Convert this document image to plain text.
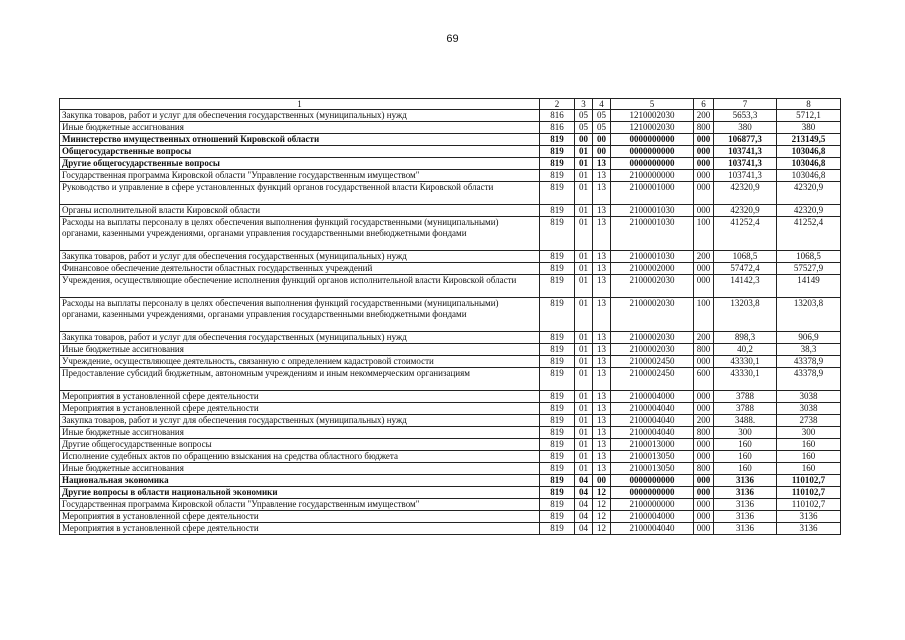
69
1	2	3	4	5	6	7	8
Закупка товаров, работ и услуг для обеспечения государственных (муниципальных) нужд	816	05	05	1210002030	200	5653,3	5712,1
Иные бюджетные ассигнования	816	05	05	1210002030	800	380	380
Министерство имущественных отношений Кировской области	819	00	00	0000000000	000	106877,3	213149,5
Общегосударственные вопросы	819	01	00	0000000000	000	103741,3	103046,8
Другие общегосударственные вопросы	819	01	13	0000000000	000	103741,3	103046,8
Государственная программа Кировской области "Управление государственным имуществом"	819	01	13	2100000000	000	103741,3	103046,8
Руководство и управление в сфере установленных функций органов государственной власти Кировской области	819	01	13	2100001000	000	42320,9	42320,9
Органы исполнительной власти Кировской области	819	01	13	2100001030	000	42320,9	42320,9
Расходы на выплаты персоналу в целях обеспечения выполнения функций государственными (муниципальными) органами, казенными учреждениями, органами управления государственными внебюджетными фондами	819	01	13	2100001030	100	41252,4	41252,4
Закупка товаров, работ и услуг для обеспечения государственных (муниципальных) нужд	819	01	13	2100001030	200	1068,5	1068,5
Финансовое обеспечение деятельности областных государственных учреждений	819	01	13	2100002000	000	57472,4	57527,9
Учреждения, осуществляющие обеспечение исполнения функций органов исполнительной власти Кировской области	819	01	13	2100002030	000	14142,3	14149
Расходы на выплаты персоналу в целях обеспечения выполнения функций государственными (муниципальными) органами, казенными учреждениями, органами управления государственными внебюджетными фондами	819	01	13	2100002030	100	13203,8	13203,8
Закупка товаров, работ и услуг для обеспечения государственных (муниципальных) нужд	819	01	13	2100002030	200	898,3	906,9
Иные бюджетные ассигнования	819	01	13	2100002030	800	40,2	38,3
Учреждение, осуществляющее деятельность, связанную с определением кадастровой стоимости	819	01	13	2100002450	000	43330,1	43378,9
Предоставление субсидий бюджетным, автономным учреждениям и иным некоммерческим организациям	819	01	13	2100002450	600	43330,1	43378,9
Мероприятия в установленной сфере деятельности	819	01	13	2100004000	000	3788	3038
Мероприятия в установленной сфере деятельности	819	01	13	2100004040	000	3788	3038
Закупка товаров, работ и услуг для обеспечения государственных (муниципальных) нужд	819	01	13	2100004040	200	3488.	2738
Иные бюджетные ассигнования	819	01	13	2100004040	800	300	300
Другие общегосударственные вопросы	819	01	13	2100013000	000	160	160
Исполнение судебных актов по обращению взыскания на средства областного бюджета	819	01	13	2100013050	000	160	160
Иные бюджетные ассигнования	819	01	13	2100013050	800	160	160
Национальная экономика	819	04	00	0000000000	000	3136	110102,7
Другие вопросы в области национальной экономики	819	04	12	0000000000	000	3136	110102,7
Государственная программа Кировской области "Управление государственным имуществом"	819	04	12	2100000000	000	3136	110102,7
Мероприятия в установленной сфере деятельности	819	04	12	2100004000	000	3136	3136
Мероприятия в установленной сфере деятельности	819	04	12	2100004040	000	3136	3136
